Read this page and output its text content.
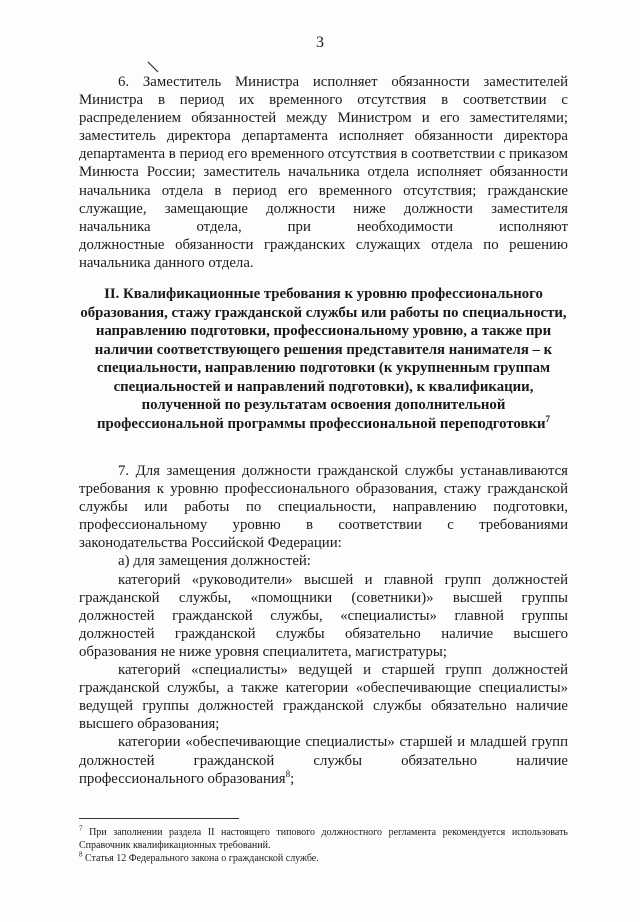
3

6. Заместитель Министра исполняет обязанности заместителей Министра в период их временного отсутствия в соответствии с распределением обязанностей между Министром и его заместителями; заместитель директора департамента исполняет обязанности директора департамента в период его временного отсутствия в соответствии с приказом Минюста России; заместитель начальника отдела исполняет обязанности начальника отдела в период его временного отсутствия; гражданские служащие, замещающие должности ниже должности заместителя начальника отдела, при необходимости исполняют

должностные обязанности гражданских служащих отдела по решению начальника данного отдела.

II. Квалификационные требования к уровню профессионального образования, стажу гражданской службы или работы по специальности, направлению подготовки, профессиональному уровню, а также при наличии соответствующего решения представителя нанимателя – к специальности, направлению подготовки (к укрупненным группам специальностей и направлений подготовки), к квалификации, полученной по результатам освоения дополнительной профессиональной программы профессиональной переподготовки$^7$

7. Для замещения должности гражданской службы устанавливаются требования к уровню профессионального образования, стажу гражданской службы или работы по специальности, направлению подготовки, профессиональному уровню в соответствии с требованиями

законодательства Российской Федерации:

а) для замещения должностей:

категорий «руководители» высшей и главной групп должностей гражданской службы, «помощники (советники)» высшей группы должностей гражданской службы, «специалисты» главной группы должностей гражданской службы обязательно наличие высшего

образования не ниже уровня специалитета, магистратуры;

категорий «специалисты» ведущей и старшей групп должностей гражданской службы, а также категории «обеспечивающие специалисты»

ведущей группы должностей гражданской службы обязательно наличие высшего образования;

категории «обеспечивающие специалисты» старшей и младшей групп должностей гражданской службы обязательно наличие

профессионального образования$^8$;

$^7$ При заполнении раздела II настоящего типового должностного регламента рекомендуется использовать Справочник квалификационных требований.

$^8$ Статья 12 Федерального закона о гражданской службе.
